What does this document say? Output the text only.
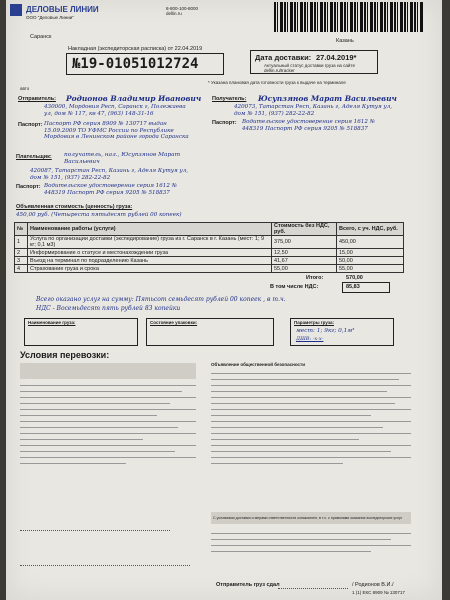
ДЕЛОВЫЕ ЛИНИИ
ООО "Деловые Линии"
8-800-100-8000 dellin.ru
Саранск
Казань
Накладная (экспедиторская расписка) от 22.04.2019
№19-01051012724	Дата доставки: 27.04.2019*
Актуальный статус доставки груза на сайте dellin.ru/tracker
авто
* Указана плановая дата готовности груза к выдаче на терминале
Отправитель: Родионов Владимир Иванович
430000, Мордовия Респ, Саранск г, Полежаева ул, дом № 117, кв 47, (963) 148-31-16
Паспорт: Паспорт РФ серия 8909 № 130717 выдан 15.09.2009 ТО УФМС России по Республике Мордовия в Ленинском районе города Саранска
Получатель: Юсупзянов Марат Васильевич
420073, Татарстан Респ, Казань г, Аделя Кутуя ул, дом № 151, (937) 282-22-82
Паспорт: Водительское удостоверение серия 1612 № 448319 Паспорт РФ серия 9205 № 518837
Плательщик: получатель, нал., Юсупзянов Марат Васильевич
420087, Татарстан Респ, Казань г, Аделя Кутуя ул, дом № 151, (937) 282-22-82
Паспорт: Водительское удостоверение серия 1612 № 448319 Паспорт РФ серия 9205 № 518837
Объявленная стоимость (ценность) груза:
450,00 руб. (Четыреста пятьдесят рублей 00 копеек)
№	Наименование работы (услуги)	Стоимость без НДС, руб.	Всего, с уч. НДС, руб.
1	Услуга по организации доставки (экспедирование) груза из г. Саранск в г. Казань (мест: 1; 9 кг; 0,1 м3)	375,00	450,00
2	Информирование о статусе и местонахождении груза	12,50	15,00
3	Въезд на терминал по подразделению Казань	41,67	50,00
4	Страхование груза и срока	55,00	55,00
Итого:	570,00
В том числе НДС:	85,83
Всего оказано услуг на сумму: Пятьсот семьдесят рублей 00 копеек , в т.ч.
НДС - Восемьдесят пять рублей 83 копейки
Наименование груза:	Состояние упаковки:	Параметры груза:
мест: 1; 9кг; 0,1м³
ДШВ: -х-х-
Условия перевозки:
Объявление общественной безопасности
С условиями доставки и мерами ответственности ознакомлен, в т.ч. с правилами оказания экспедиторских услуг
Отправитель груз сдал	/ Родионов В.И./
1 (1) ЕКС 8909 № 130717
